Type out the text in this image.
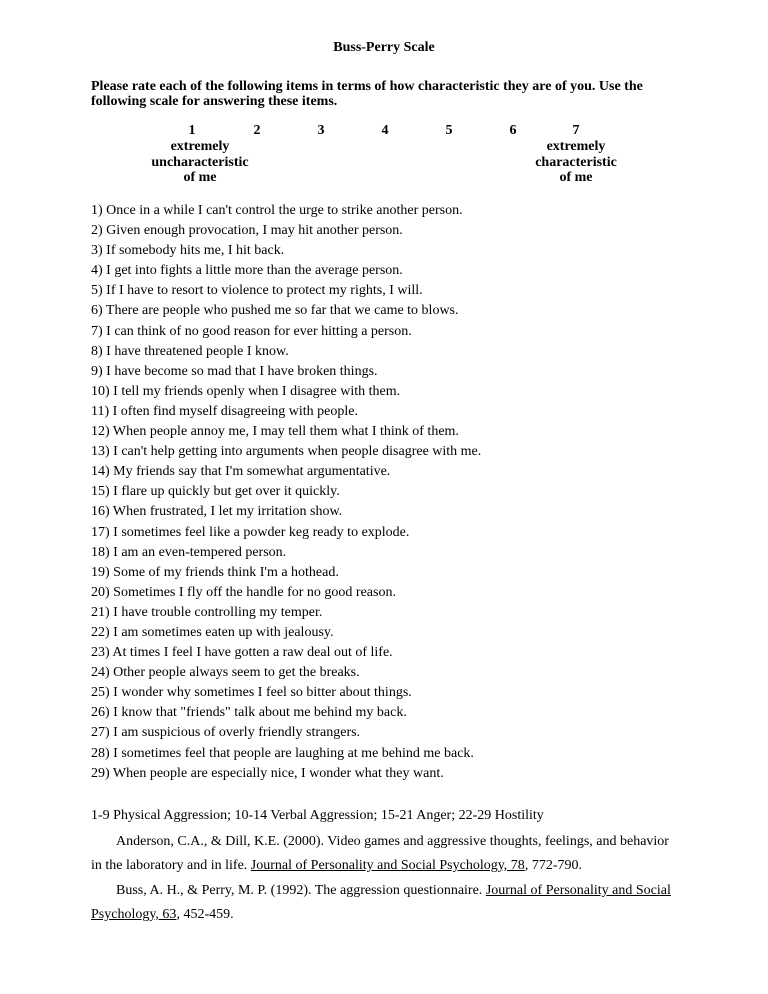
Buss-Perry Scale
Please rate each of the following items in terms of how characteristic they are of you. Use the following scale for answering these items.
1	2	3	4	5	6	7
extremely
uncharacteristic
of me
extremely
characteristic
of me
1) Once in a while I can't control the urge to strike another person.
2) Given enough provocation, I may hit another person.
3) If somebody hits me, I hit back.
4) I get into fights a little more than the average person.
5) If I have to resort to violence to protect my rights, I will.
6) There are people who pushed me so far that we came to blows.
7) I can think of no good reason for ever hitting a person.
8) I have threatened people I know.
9) I have become so mad that I have broken things.
10) I tell my friends openly when I disagree with them.
11) I often find myself disagreeing with people.
12) When people annoy me, I may tell them what I think of them.
13) I can't help getting into arguments when people disagree with me.
14) My friends say that I'm somewhat argumentative.
15) I flare up quickly but get over it quickly.
16) When frustrated, I let my irritation show.
17) I sometimes feel like a powder keg ready to explode.
18) I am an even-tempered person.
19) Some of my friends think I'm a hothead.
20) Sometimes I fly off the handle for no good reason.
21) I have trouble controlling my temper.
22) I am sometimes eaten up with jealousy.
23) At times I feel I have gotten a raw deal out of life.
24) Other people always seem to get the breaks.
25) I wonder why sometimes I feel so bitter about things.
26) I know that "friends" talk about me behind my back.
27) I am suspicious of overly friendly strangers.
28) I sometimes feel that people are laughing at me behind me back.
29) When people are especially nice, I wonder what they want.
1-9 Physical Aggression; 10-14 Verbal Aggression; 15-21 Anger; 22-29 Hostility
Anderson, C.A., & Dill, K.E. (2000). Video games and aggressive thoughts, feelings, and behavior in the laboratory and in life. Journal of Personality and Social Psychology, 78, 772-790.
Buss, A. H., & Perry, M. P. (1992). The aggression questionnaire. Journal of Personality and Social Psychology, 63, 452-459.
